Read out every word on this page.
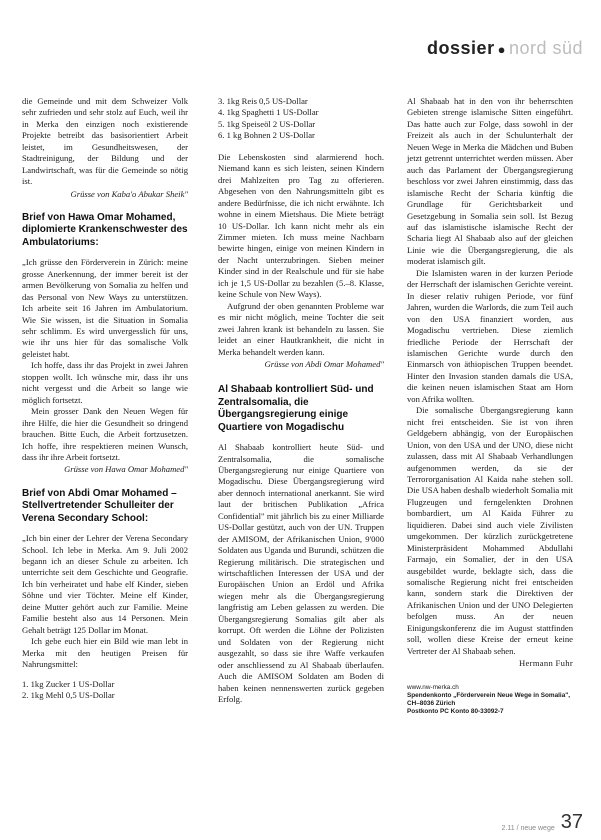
dossier ● nord süd

die Gemeinde und mit dem Schweizer Volk sehr zufrieden und sehr stolz auf Euch, weil ihr in Merka den einzigen noch existierende Projekte betreibt das basisorientiert Arbeit leistet, im Gesundheitswesen, der Stadtreinigung, der Bildung und der Landwirtschaft, was für die Gemeinde so nötig ist.

Grüsse von Kaba'o Abukar Sheik"

Brief von Hawa Omar Mohamed, diplomierte Krankenschwester des Ambulatoriums:

„Ich grüsse den Förderverein in Zürich: meine grosse Anerkennung, der immer bereit ist der armen Bevölkerung von Somalia zu helfen und das Personal von New Ways zu unterstützen. Ich arbeite seit 16 Jahren im Ambulatorium. Wie Sie wissen, ist die Situation in Somalia sehr schlimm. Es wird unvergesslich für uns, wie ihr uns hier für das somalische Volk geleistet habt.

Ich hoffe, dass ihr das Projekt in zwei Jahren stoppen wollt. Ich wünsche mir, dass ihr uns nicht vergesst und die Arbeit so lange wie möglich fortsetzt.

Mein grosser Dank den Neuen Wegen für ihre Hilfe, die hier die Gesundheit so dringend brauchen. Bitte Euch, die Arbeit fortzusetzen. Ich hoffe, ihre respektieren meinen Wunsch, dass ihr ihre Arbeit fortsetzt.

Grüsse von Hawa Omar Mohamed"

Brief von Abdi Omar Mohamed – Stellvertretender Schulleiter der Verena Secondary School:

„Ich bin einer der Lehrer der Verena Secondary School. Ich lebe in Merka. Am 9. Juli 2002 begann ich an dieser Schule zu arbeiten. Ich unterrichte seit dem Geschichte und Geografie. Ich bin verheiratet und habe elf Kinder, sieben Söhne und vier Töchter. Meine elf Kinder, deine Mutter gehört auch zur Familie. Meine Familie besteht also aus 14 Personen. Mein Gehalt beträgt 125 Dollar im Monat.

Ich gebe euch hier ein Bild wie man lebt in Merka mit den heutigen Preisen für Nahrungsmittel:

1. 1kg Zucker 1 US-Dollar
2. 1kg Mehl 0,5 US-Dollar
3. 1kg Reis 0,5 US-Dollar
4. 1kg Spaghetti 1 US-Dollar
5. 1kg Speiseöl 2 US-Dollar
6. 1 kg Bohnen 2 US-Dollar

Die Lebenskosten sind alarmierend hoch. Niemand kann es sich leisten, seinen Kindern drei Mahlzeiten pro Tag zu offerieren. Abgesehen von den Nahrungsmitteln gibt es andere Bedürfnisse, die ich nicht erwähnte. Ich wohne in einem Mietshaus. Die Miete beträgt 10 US-Dollar. Ich kann nicht mehr als ein Zimmer mieten. Ich muss meine Nachbarn bewirte hingen, einige von meinen Kindern in der Nacht unterzubringen. Sieben meiner Kinder sind in der Realschule und für sie habe ich je 1,5 US-Dollar zu bezahlen (5.–8. Klasse, keine Schule von New Ways).

Aufgrund der oben genannten Probleme war es mir nicht möglich, meine Tochter die seit zwei Jahren krank ist behandeln zu lassen. Sie leidet an einer Hautkrankheit, die nicht in Merka behandelt werden kann.

Grüsse von Abdi Omar Mohamed"

Al Shabaab kontrolliert Süd- und Zentralsomalia, die Übergangsregierung einige Quartiere von Mogadischu

Al Shabaab kontrolliert heute Süd- und Zentralsomalia, die somalische Übergangsregierung nur einige Quartiere von Mogadischu. Diese Übergangsregierung wird aber dennoch international anerkannt. Sie wird laut der britischen Publikation „Africa Confidential" mit jährlich bis zu einer Milliarde US-Dollar gestützt, auch von der UN. Truppen der AMISOM, der Afrikanischen Union, 9'000 Soldaten aus Uganda und Burundi, schützen die Regierung militärisch. Die strategischen und wirtschaftlichen Interessen der USA und der Europäischen Union an Erdöl und Afrika wiegen mehr als die Übergangsregierung langfristig am Leben gelassen zu werden. Die Übergangsregierung Somalias gilt aber als korrupt. Oft werden die Löhne der Polizisten und Soldaten von der Regierung nicht ausgezahlt, so dass sie ihre Waffe verkaufen oder anschliessend zu Al Shabaab überlaufen. Auch die AMISOM Soldaten am Boden di haben keinen nennenswerten zurück gegeben Erfolg.

Al Shabaab hat in den von ihr beherrschten Gebieten strenge islamische Sitten eingeführt. Das hatte auch zur Folge, dass sowohl in der Freizeit als auch in der Schulunterhalt der Neuen Wege in Merka die Mädchen und Buben jetzt getrennt unterrichtet werden müssen. Aber auch das Parlament der Übergangsregierung beschloss vor zwei Jahren einstimmig, dass das islamische Recht der Scharia künftig die Grundlage für Gerichtsbarkeit und Gesetzgebung in Somalia sein soll. Ist Bezug auf das islamistische islamische Recht der Scharia liegt Al Shabaab also auf der gleichen Linie wie die Übergangsregierung, die als moderat islamisch gilt.

Die Islamisten waren in der kurzen Periode der Herrschaft der islamischen Gerichte vereint. In dieser relativ ruhigen Periode, vor fünf Jahren, wurden die Warlords, die zum Teil auch von den USA finanziert worden, aus Mogadischu vertrieben. Diese ziemlich friedliche Periode der Herrschaft der islamischen Gerichte wurde durch den Einmarsch von äthiopischen Truppen beendet. Hinter den Invasion standen damals die USA, die keinen neuen islamischen Staat am Horn von Afrika wollten.

Die somalische Übergangsregierung kann nicht frei entscheiden. Sie ist von ihren Geldgebern abhängig, von der Europäischen Union, von den USA und der UNO, diese nicht zulassen, dass mit Al Shabaab Verhandlungen aufgenommen werden, da sie der Terrororganisation Al Kaida nahe stehen soll. Die USA haben deshalb wiederholt Somalia mit Flugzeugen und ferngelenkten Drohnen bombardiert, um Al Kaida Führer zu liquidieren. Dabei sind auch viele Zivilisten umgekommen. Der kürzlich zurückgetretene Ministerpräsident Mohammed Abdullahi Farmajo, ein Somalier, der in den USA ausgebildet wurde, beklagte sich, dass die somalische Regierung nicht frei entscheiden kann, sondern stark die Direktiven der Afrikanischen Union und der UNO Delegierten befolgen muss. An der neuen Einigungskonferenz die im August stattfinden soll, wollen diese Kreise der erneut keine Vertreter der Al Shabaab sehen.

Hermann Fuhr
www.nw-merka.ch
Spendenkonto „Förderverein Neue Wege in Somalia", CH–8036 Zürich
Postkonto PC Konto 80-33092-7
2.11 / neue wege 37
